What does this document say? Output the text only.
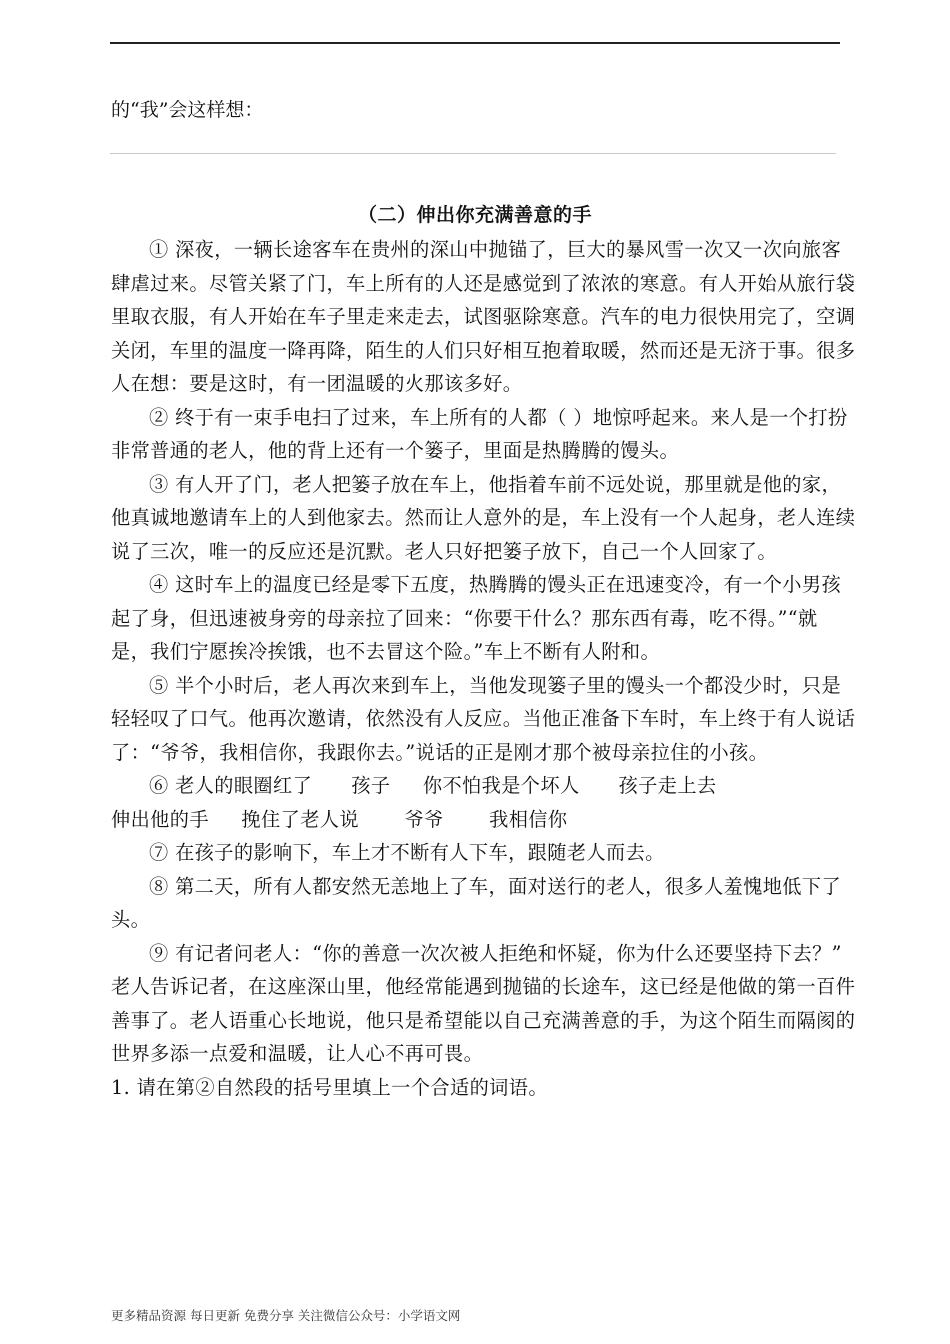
的“我”会这样想：
（二）伸出你充满善意的手

① 深夜，一辆长途客车在贵州的深山中抛锚了，巨大的暴风雪一次又一次向旅客肆虐过来。尽管关紧了门，车上所有的人还是感觉到了浓浓的寒意。有人开始从旅行袋里取衣服，有人开始在车子里走来走去，试图驱除寒意。汽车的电力很快用完了，空调关闭，车里的温度一降再降，陌生的人们只好相互抱着取暖，然而还是无济于事。很多人在想：要是这时，有一团温暖的火那该多好。

② 终于有一束手电扫了过来，车上所有的人都（ ）地惊呼起来。来人是一个打扮非常普通的老人，他的背上还有一个篓子，里面是热腾腾的馒头。

③ 有人开了门，老人把篓子放在车上，他指着车前不远处说，那里就是他的家，他真诚地邀请车上的人到他家去。然而让人意外的是，车上没有一个人起身，老人连续说了三次，唯一的反应还是沉默。老人只好把篓子放下，自己一个人回家了。

④ 这时车上的温度已经是零下五度，热腾腾的馒头正在迅速变冷，有一个小男孩起了身，但迅速被身旁的母亲拉了回来：“你要干什么？那东西有毒，吃不得。”“就是，我们宁愿挨冷挨饿，也不去冒这个险。”车上不断有人附和。

⑤ 半个小时后，老人再次来到车上，当他发现篓子里的馒头一个都没少时，只是轻轻叹了口气。他再次邀请，依然没有人反应。当他正准备下车时，车上终于有人说话了：“爷爷，我相信你，我跟你去。”说话的正是刚才那个被母亲拉住的小孩。

⑥ 老人的眼圈红了      孩子     你不怕我是个坏人      孩子走上去

伸出他的手     挽住了老人说       爷爷       我相信你

⑦ 在孩子的影响下，车上才不断有人下车，跟随老人而去。

⑧ 第二天，所有人都安然无恙地上了车，面对送行的老人，很多人羞愧地低下了头。

⑨ 有记者问老人：“你的善意一次次被人拒绝和怀疑，你为什么还要坚持下去？” 老人告诉记者，在这座深山里，他经常能遇到抛锚的长途车，这已经是他做的第一百件善事了。老人语重心长地说，他只是希望能以自己充满善意的手，为这个陌生而隔阂的世界多添一点爱和温暖，让人心不再可畏。

1. 请在第②自然段的括号里填上一个合适的词语。

更多精品资源 每日更新 免费分享 关注微信公众号：小学语文网
